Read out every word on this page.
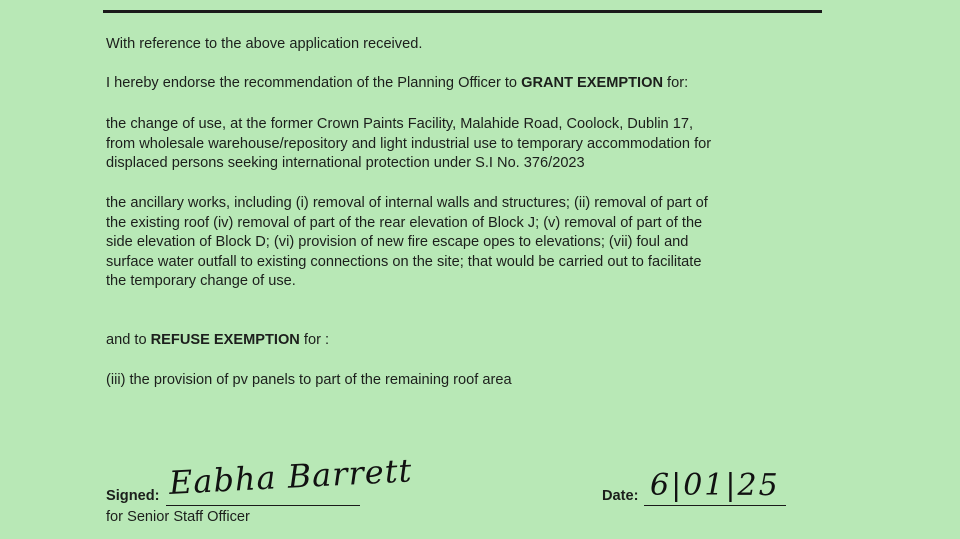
With reference to the above application received.

I hereby endorse the recommendation of the Planning Officer to GRANT EXEMPTION for:

the change of use, at the former Crown Paints Facility, Malahide Road, Coolock, Dublin 17,
from wholesale warehouse/repository and light industrial use to temporary accommodation for
displaced persons seeking international protection under S.I No. 376/2023
the ancillary works, including (i) removal of internal walls and structures; (ii) removal of part of
the existing roof (iv) removal of part of the rear elevation of Block J; (v) removal of part of the
side elevation of Block D; (vi) provision of new fire escape opes to elevations; (vii) foul and
surface water outfall to existing connections on the site; that would be carried out to facilitate
the temporary change of use.

and to REFUSE EXEMPTION for :

(iii) the provision of pv panels to part of the remaining roof area

Signed: Eabha Barrett
for Senior Staff Officer
Date: 6|01|25
